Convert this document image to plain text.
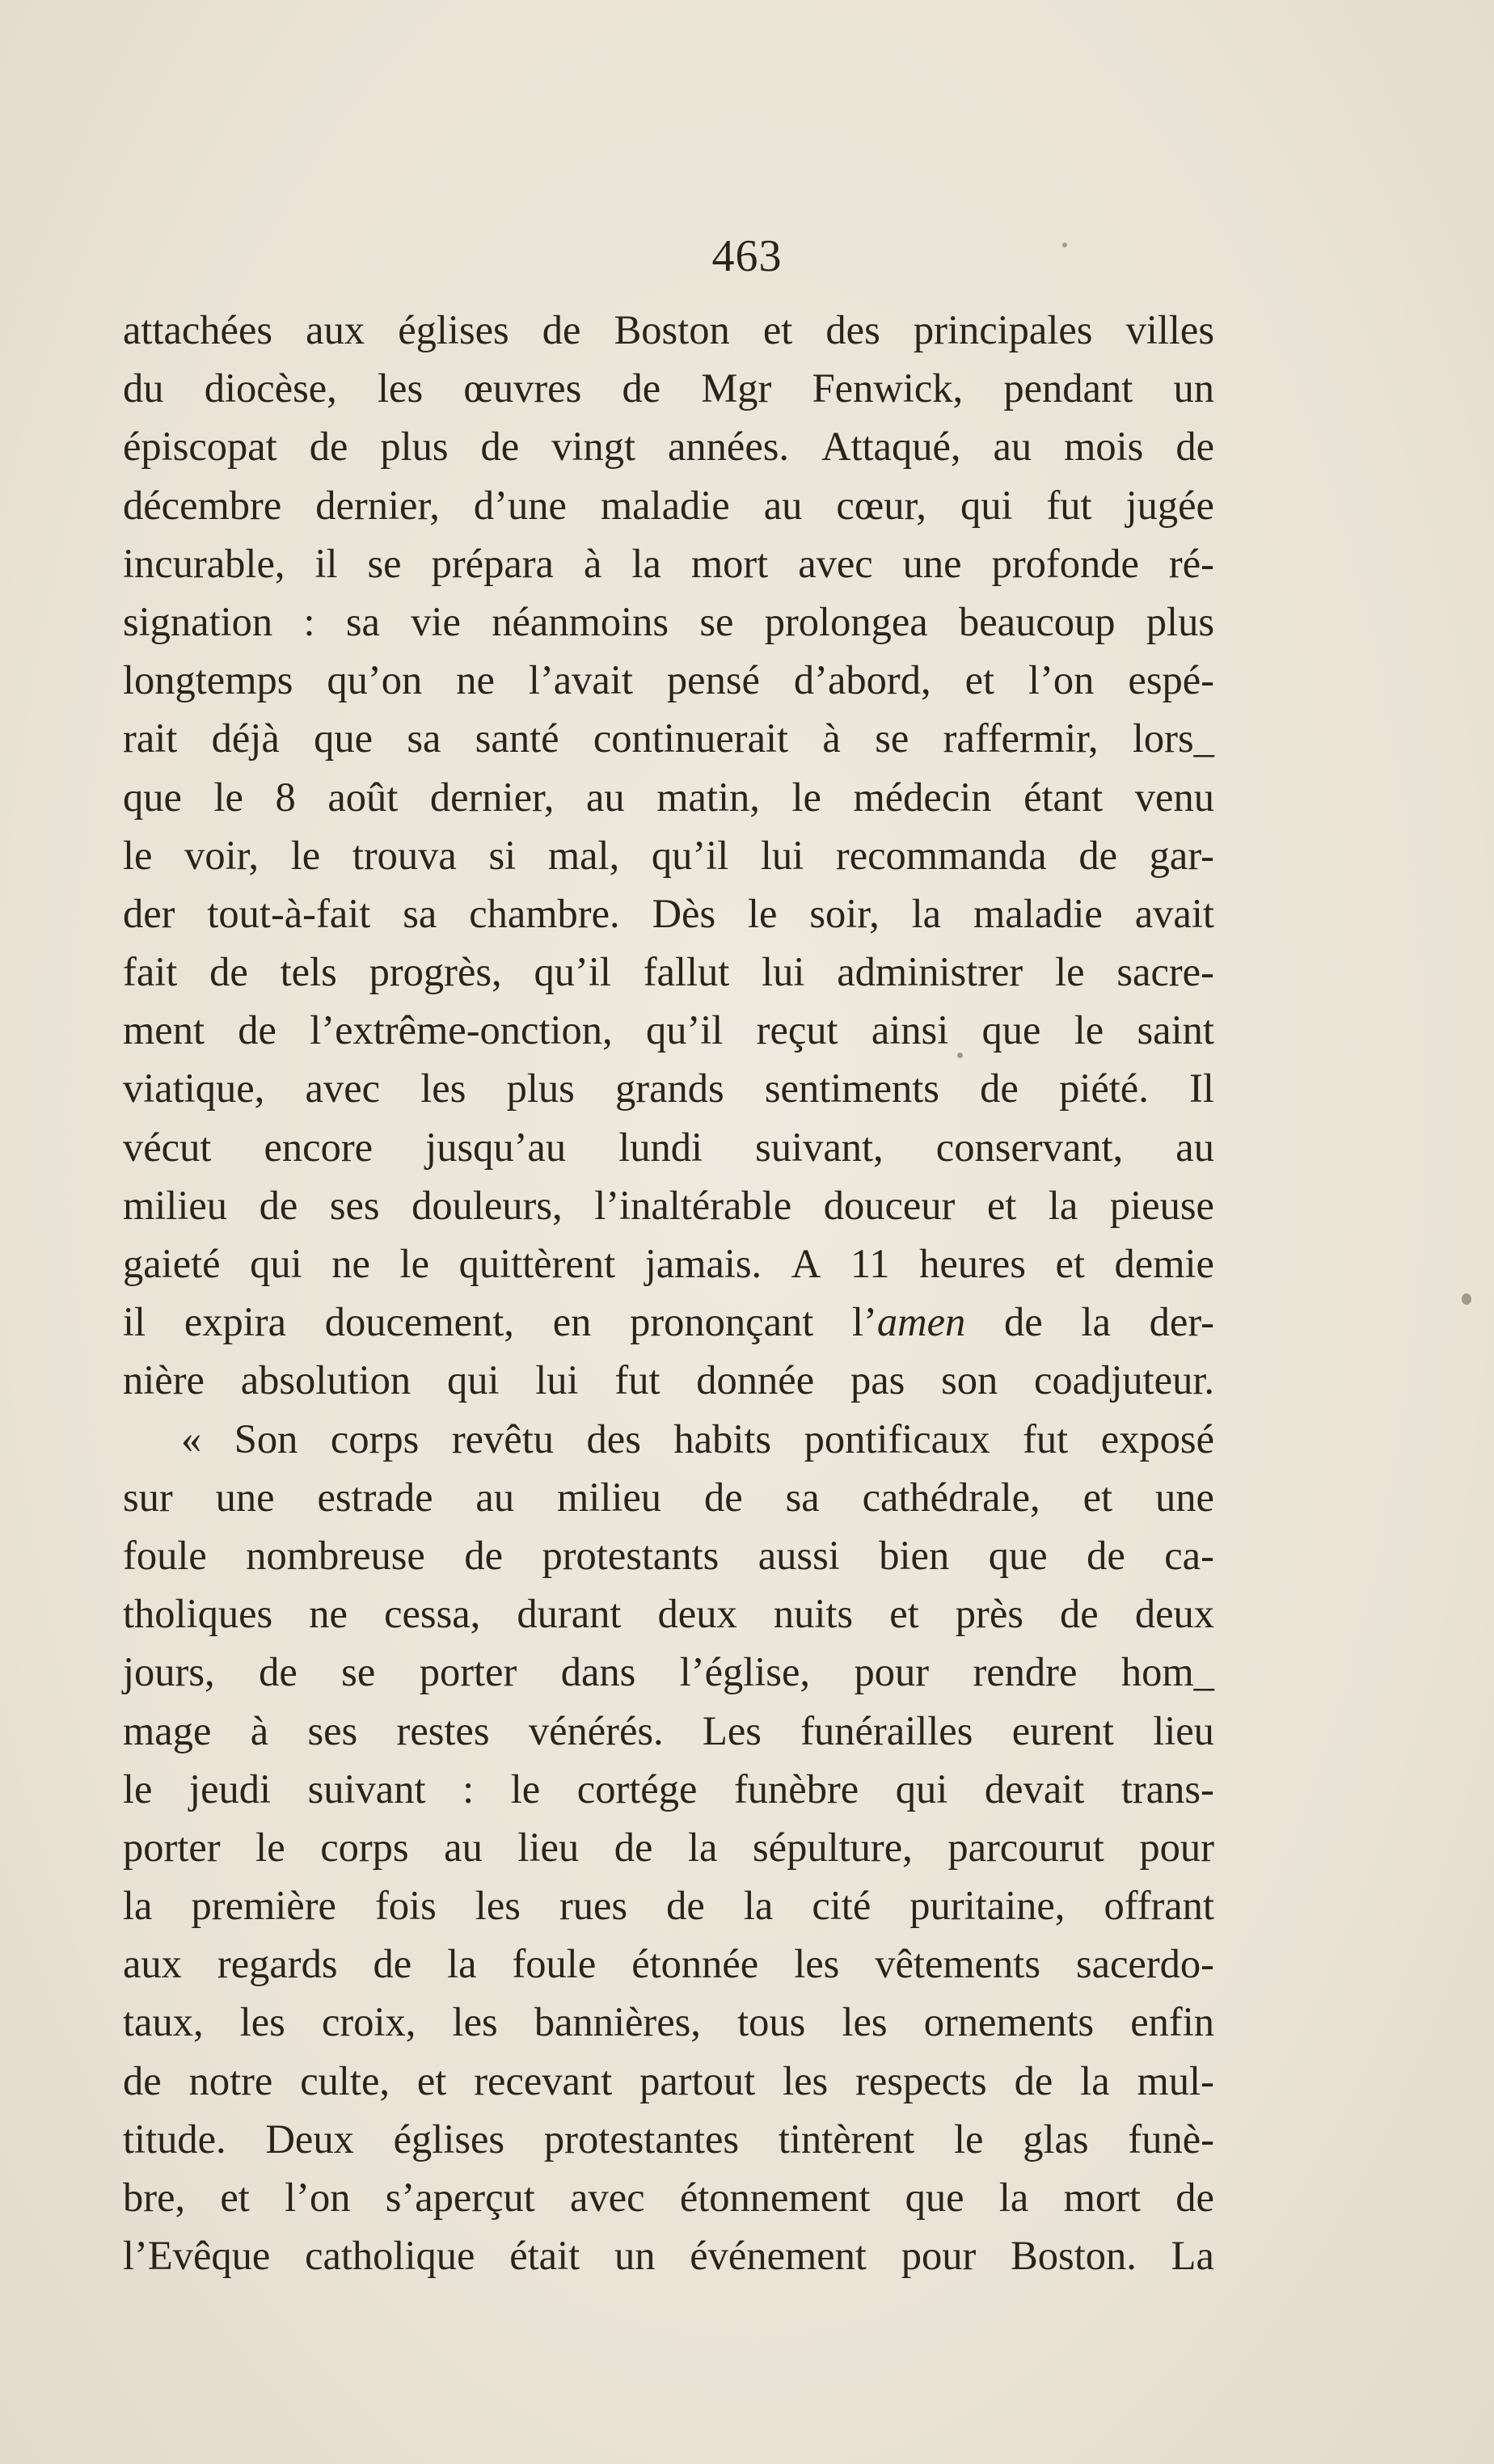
463
attachées aux églises de Boston et des principales villes
du diocèse, les œuvres de Mgr Fenwick, pendant un
épiscopat de plus de vingt années. Attaqué, au mois de
décembre dernier, d’une maladie au cœur, qui fut jugée
incurable, il se prépara à la mort avec une profonde ré-
signation : sa vie néanmoins se prolongea beaucoup plus
longtemps qu’on ne l’avait pensé d’abord, et l’on espé-
rait déjà que sa santé continuerait à se raffermir, lors_
que le 8 août dernier, au matin, le médecin étant venu
le voir, le trouva si mal, qu’il lui recommanda de gar-
der tout-à-fait sa chambre. Dès le soir, la maladie avait
fait de tels progrès, qu’il fallut lui administrer le sacre-
ment de l’extrême-onction, qu’il reçut ainsi que le saint
viatique, avec les plus grands sentiments de piété. Il
vécut encore jusqu’au lundi suivant, conservant, au
milieu de ses douleurs, l’inaltérable douceur et la pieuse
gaieté qui ne le quittèrent jamais. A 11 heures et demie
il expira doucement, en prononçant l’amen de la der-
nière absolution qui lui fut donnée pas son coadjuteur.
« Son corps revêtu des habits pontificaux fut exposé
sur une estrade au milieu de sa cathédrale, et une
foule nombreuse de protestants aussi bien que de ca-
tholiques ne cessa, durant deux nuits et près de deux
jours, de se porter dans l’église, pour rendre hom_
mage à ses restes vénérés. Les funérailles eurent lieu
le jeudi suivant : le cortége funèbre qui devait trans-
porter le corps au lieu de la sépulture, parcourut pour
la première fois les rues de la cité puritaine, offrant
aux regards de la foule étonnée les vêtements sacerdo-
taux, les croix, les bannières, tous les ornements enfin
de notre culte, et recevant partout les respects de la mul-
titude. Deux églises protestantes tintèrent le glas funè-
bre, et l’on s’aperçut avec étonnement que la mort de
l’Evêque catholique était un événement pour Boston. La
